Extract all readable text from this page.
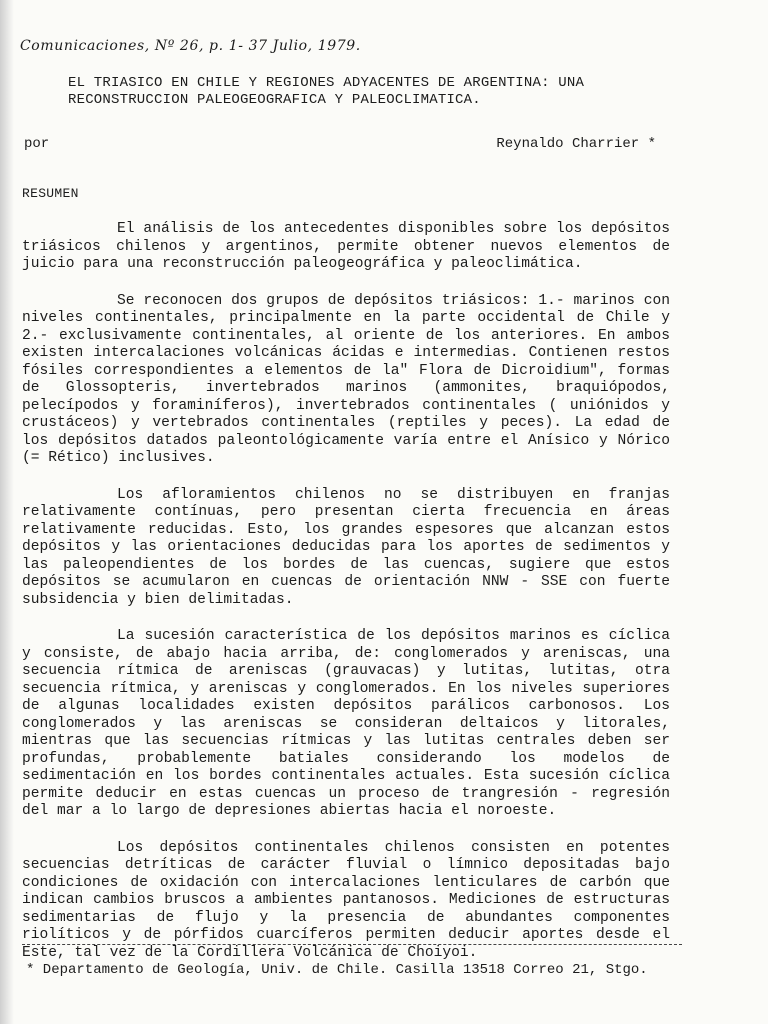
Comunicaciones, Nº 26, p. 1- 37 Julio, 1979.
EL TRIASICO EN CHILE Y REGIONES ADYACENTES DE ARGENTINA: UNA
RECONSTRUCCION PALEOGEOGRAFICA Y PALEOCLIMATICA.
por	Reynaldo Charrier *
RESUMEN

El análisis de los antecedentes disponibles sobre los depósitos triásicos chilenos y argentinos, permite obtener nuevos elementos de juicio para una reconstrucción paleogeográfica y paleoclimática.

Se reconocen dos grupos de depósitos triásicos: 1.- marinos con niveles continentales, principalmente en la parte occidental de Chile y 2.- exclusivamente continentales, al oriente de los anteriores. En ambos existen intercalaciones volcánicas ácidas e intermedias. Contienen restos fósiles correspondientes a elementos de la" Flora de Dicroidium", formas de Glossopteris, invertebrados marinos (ammonites, braquiópodos, pelecípodos y foraminíferos), invertebrados continentales ( uniónidos y crustáceos) y vertebrados continentales (reptiles y peces). La edad de los depósitos datados paleontológicamente varía entre el Anísico y Nórico (= Rético) inclusives.

Los afloramientos chilenos no se distribuyen en franjas relativamente contínuas, pero presentan cierta frecuencia en áreas relativamente reducidas. Esto, los grandes espesores que alcanzan estos depósitos y las orientaciones deducidas para los aportes de sedimentos y las paleopendientes de los bordes de las cuencas, sugiere que estos depósitos se acumularon en cuencas de orientación NNW - SSE con fuerte subsidencia y bien delimitadas.

La sucesión característica de los depósitos marinos es cíclica y consiste, de abajo hacia arriba, de: conglomerados y areniscas, una secuencia rítmica de areniscas (grauvacas) y lutitas, lutitas, otra secuencia rítmica, y areniscas y conglomerados. En los niveles superiores de algunas localidades existen depósitos parálicos carbonosos. Los conglomerados y las areniscas se consideran deltaicos y litorales, mientras que las secuencias rítmicas y las lutitas centrales deben ser profundas, probablemente batiales considerando los modelos de sedimentación en los bordes continentales actuales. Esta sucesión cíclica permite deducir en estas cuencas un proceso de trangresión - regresión del mar a lo largo de depresiones abiertas hacia el noroeste.

Los depósitos continentales chilenos consisten en potentes secuencias detríticas de carácter fluvial o límnico depositadas bajo condiciones de oxidación con intercalaciones lenticulares de carbón que indican cambios bruscos a ambientes pantanosos. Mediciones de estructuras sedimentarias de flujo y la presencia de abundantes componentes riolíticos y de pórfidos cuarcíferos permiten deducir aportes desde el Este, tal vez de la Cordillera Volcánica de Choiyoi.

* Departamento de Geología, Univ. de Chile. Casilla 13518 Correo 21, Stgo.
